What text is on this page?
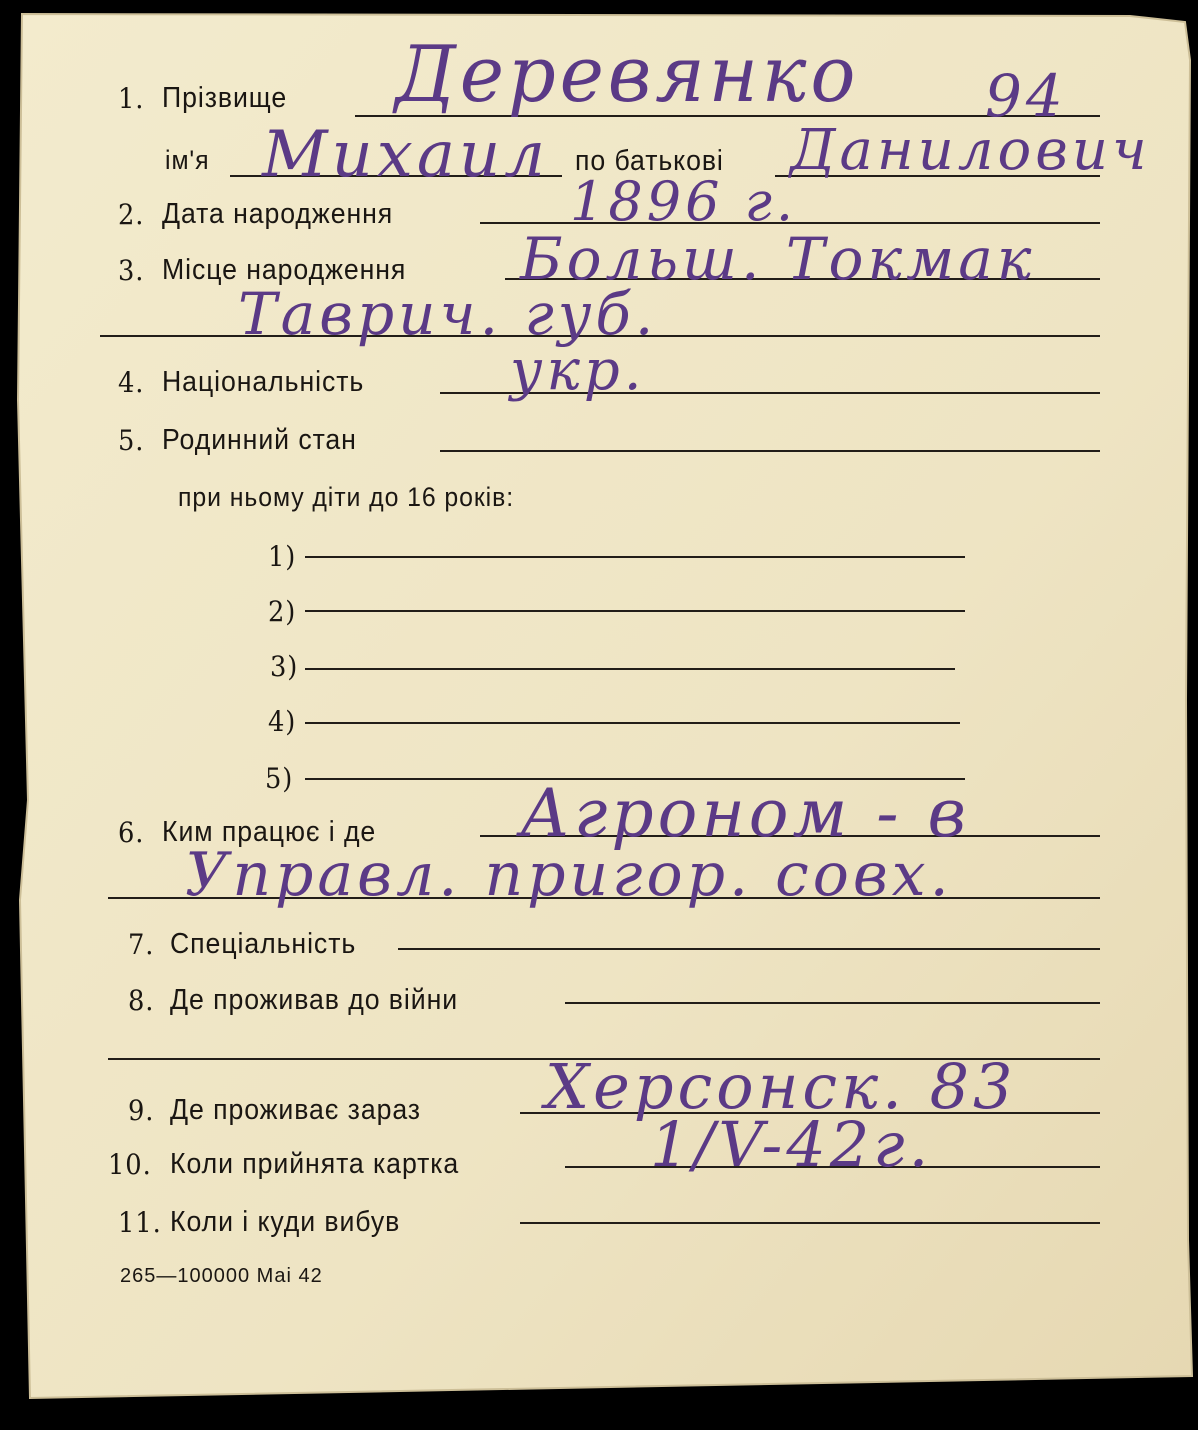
1. Прізвище Деревянко 94
ім'я Михаил по батькові Данилович
2. Дата народження	1896 г.
3. Місце народження Больш. Токмак
Таврич. губ.
4. Національність	укр.
5. Родинний стан
при ньому діти до 16 років:
1)
2)
3)
4)
5)
6. Ким працює і де Агроном - в
Управл. пригор. совх.
7. Спеціальність
8. Де проживав до війни
9. Де проживає зараз Херсонск. 83
10. Коли прийнята картка	1/V-42г.
11. Коли і куди вибув
265—100000 Mai 42
